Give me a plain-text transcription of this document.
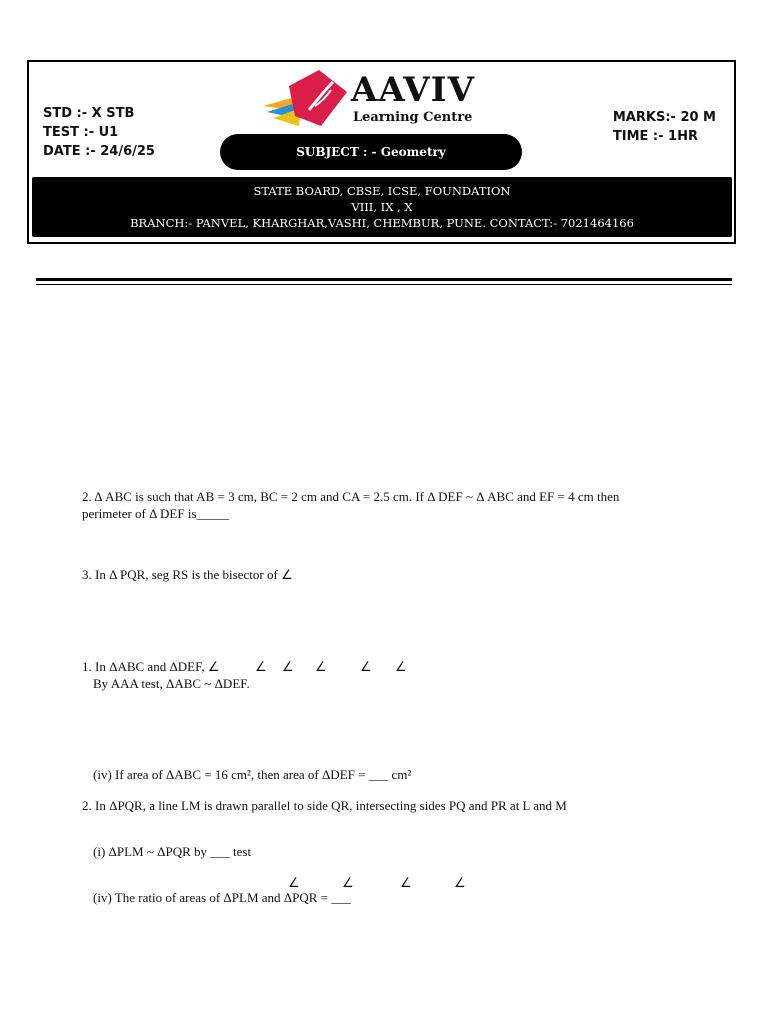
STD :- X STB
TEST :- U1
DATE :- 24/6/25
AAVIV
Learning Centre
SUBJECT : - Geometry
MARKS:- 20 M
TIME :- 1HR
STATE BOARD, CBSE, ICSE, FOUNDATION
VIII, IX , X
BRANCH:- PANVEL, KHARGHAR,VASHI, CHEMBUR, PUNE. CONTACT:- 7021464166
2. Δ ABC is such that AB = 3 cm, BC = 2 cm and CA = 2.5 cm. If Δ DEF ~ Δ ABC and EF = 4 cm then
perimeter of Δ DEF is_____
3. In Δ PQR, seg RS is the bisector of ∠
1. In ΔABC and ΔDEF, ∠	∠ ∠ ∠	∠ ∠
By AAA test, ΔABC ~ ΔDEF.
(iv) If area of ΔABC = 16 cm², then area of ΔDEF = ___ cm²
2. In ΔPQR, a line LM is drawn parallel to side QR, intersecting sides PQ and PR at L and M
(i) ΔPLM ~ ΔPQR by ___ test
∠	∠	∠	∠
(iv) The ratio of areas of ΔPLM and ΔPQR = ___
